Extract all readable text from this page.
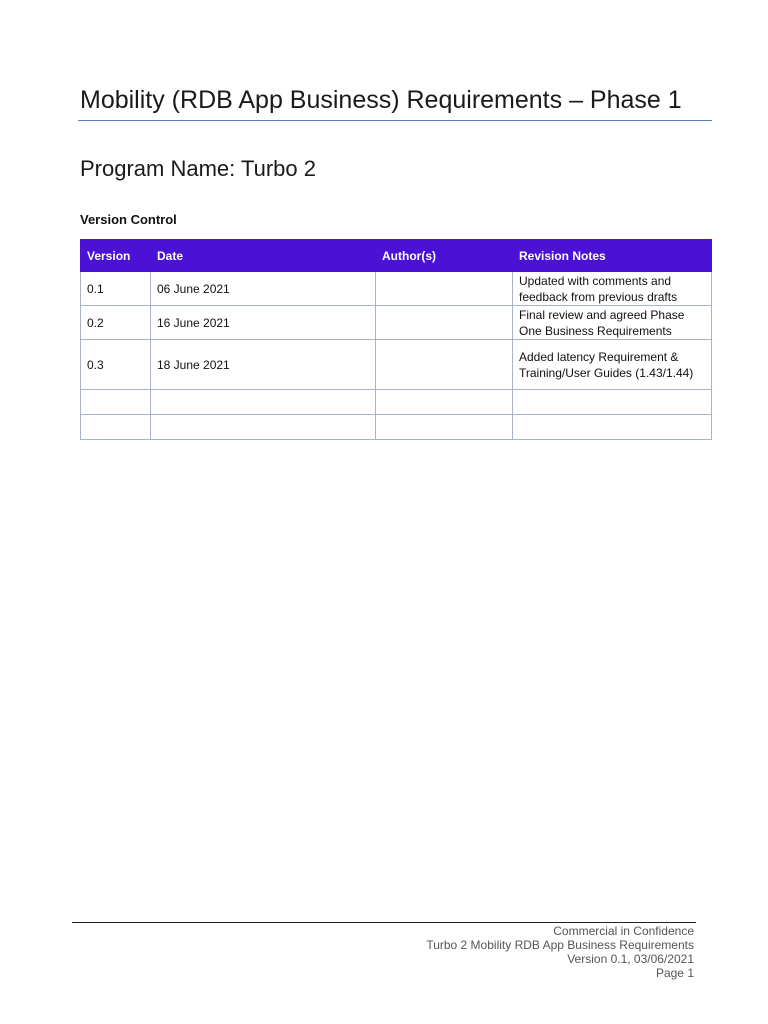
Mobility (RDB App Business) Requirements – Phase 1
Program Name: Turbo 2
Version Control
Version	Date	Author(s)	Revision Notes
0.1	06 June 2021		Updated with comments and feedback from previous drafts
0.2	16 June 2021		Final review and agreed Phase One Business Requirements
0.3	18 June 2021		Added latency Requirement & Training/User Guides (1.43/1.44)

Commercial in Confidence
Turbo 2 Mobility RDB App Business Requirements
Version 0.1, 03/06/2021
Page 1
